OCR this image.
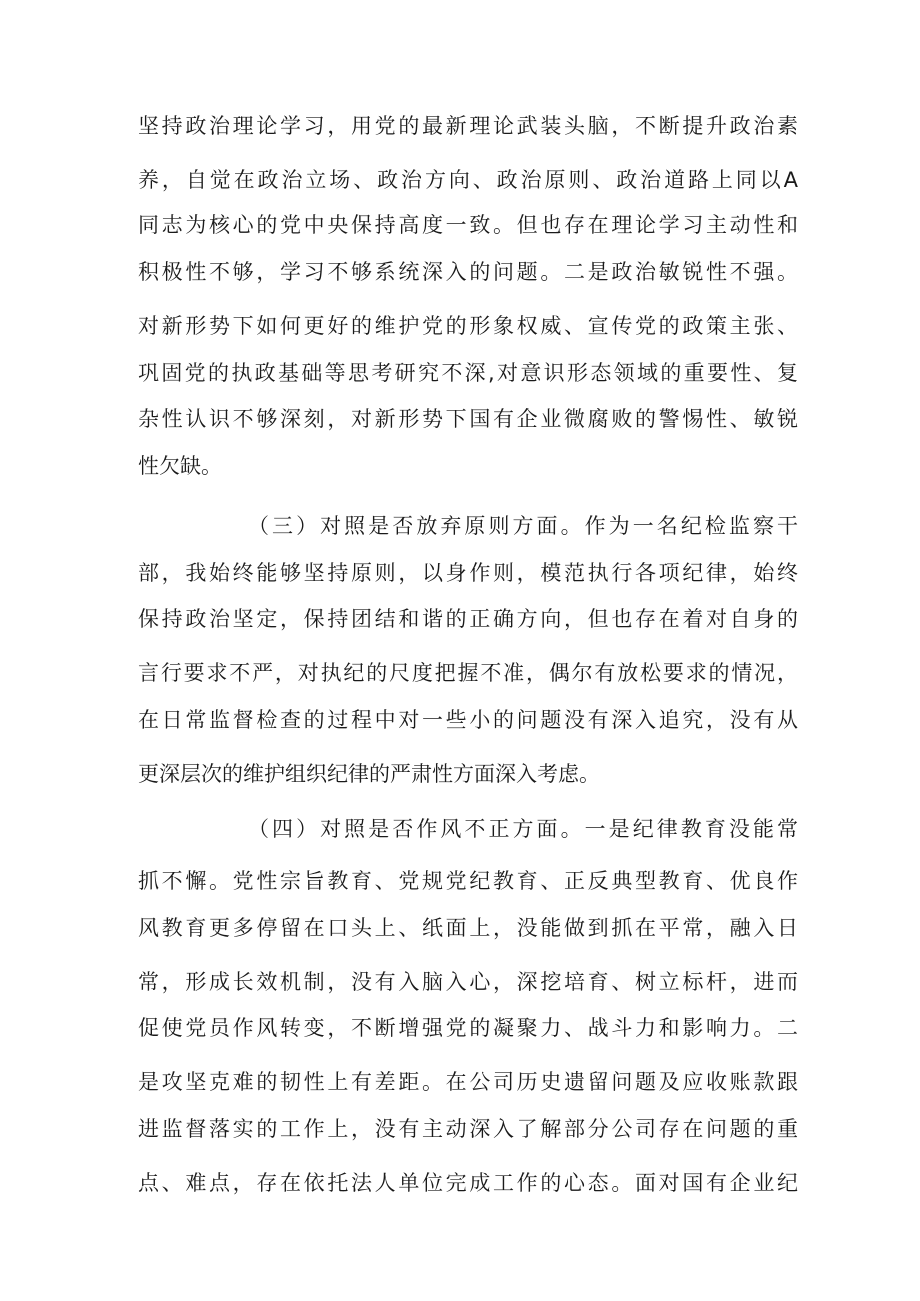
坚持政治理论学习，用党的最新理论武装头脑，不断提升政治素
养，自觉在政治立场、政治方向、政治原则、政治道路上同以A
同志为核心的党中央保持高度一致。但也存在理论学习主动性和
积极性不够，学习不够系统深入的问题。二是政治敏锐性不强。
对新形势下如何更好的维护党的形象权威、宣传党的政策主张、
巩固党的执政基础等思考研究不深,对意识形态领域的重要性、复
杂性认识不够深刻，对新形势下国有企业微腐败的警惕性、敏锐
性欠缺。
（三）对照是否放弃原则方面。作为一名纪检监察干
部，我始终能够坚持原则，以身作则，模范执行各项纪律，始终
保持政治坚定，保持团结和谐的正确方向，但也存在着对自身的
言行要求不严，对执纪的尺度把握不准，偶尔有放松要求的情况，
在日常监督检查的过程中对一些小的问题没有深入追究，没有从
更深层次的维护组织纪律的严肃性方面深入考虑。
（四）对照是否作风不正方面。一是纪律教育没能常
抓不懈。党性宗旨教育、党规党纪教育、正反典型教育、优良作
风教育更多停留在口头上、纸面上，没能做到抓在平常，融入日
常，形成长效机制，没有入脑入心，深挖培育、树立标杆，进而
促使党员作风转变，不断增强党的凝聚力、战斗力和影响力。二
是攻坚克难的韧性上有差距。在公司历史遗留问题及应收账款跟
进监督落实的工作上，没有主动深入了解部分公司存在问题的重
点、难点，存在依托法人单位完成工作的心态。面对国有企业纪
